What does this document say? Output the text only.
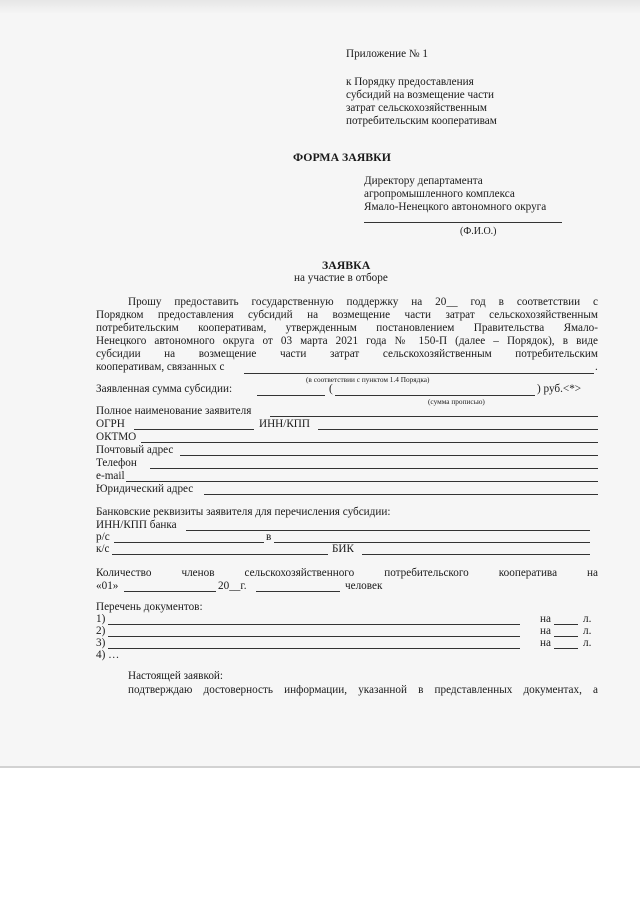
Приложение № 1
к Порядку предоставления
субсидий на возмещение части
затрат сельскохозяйственным
потребительским кооперативам
ФОРМА ЗАЯВКИ
Директору департамента
агропромышленного комплекса
Ямало-Ненецкого автономного округа
(Ф.И.О.)
ЗАЯВКА
на участие в отборе
Прошу предоставить государственную поддержку на 20__ год в соответствии с
Порядком предоставления субсидий на возмещение части затрат сельскохозяйственным
потребительским кооперативам, утвержденным постановлением Правительства Ямало-
Ненецкого автономного округа от 03 марта 2021 года № 150-П (далее – Порядок), в виде
субсидии на возмещение части затрат сельскохозяйственным потребительским
кооперативам, связанных с	.
(в соответствии с пунктом 1.4 Порядка)
Заявленная сумма субсидии:	(	) руб.<*>
(сумма прописью)
Полное наименование заявителя
ОГРН	ИНН/КПП
ОКТМО
Почтовый адрес
Телефон
e-mail
Юридический адрес
Банковские реквизиты заявителя для перечисления субсидии:
ИНН/КПП банка
р/с	в
к/с	БИК
Количество членов сельскохозяйственного потребительского кооператива на
«01»	20__г.	человек
Перечень документов:
1)	на	л.
2)	на	л.
3)	на	л.
4) …
Настоящей заявкой:
подтверждаю достоверность информации, указанной в представленных документах, а
